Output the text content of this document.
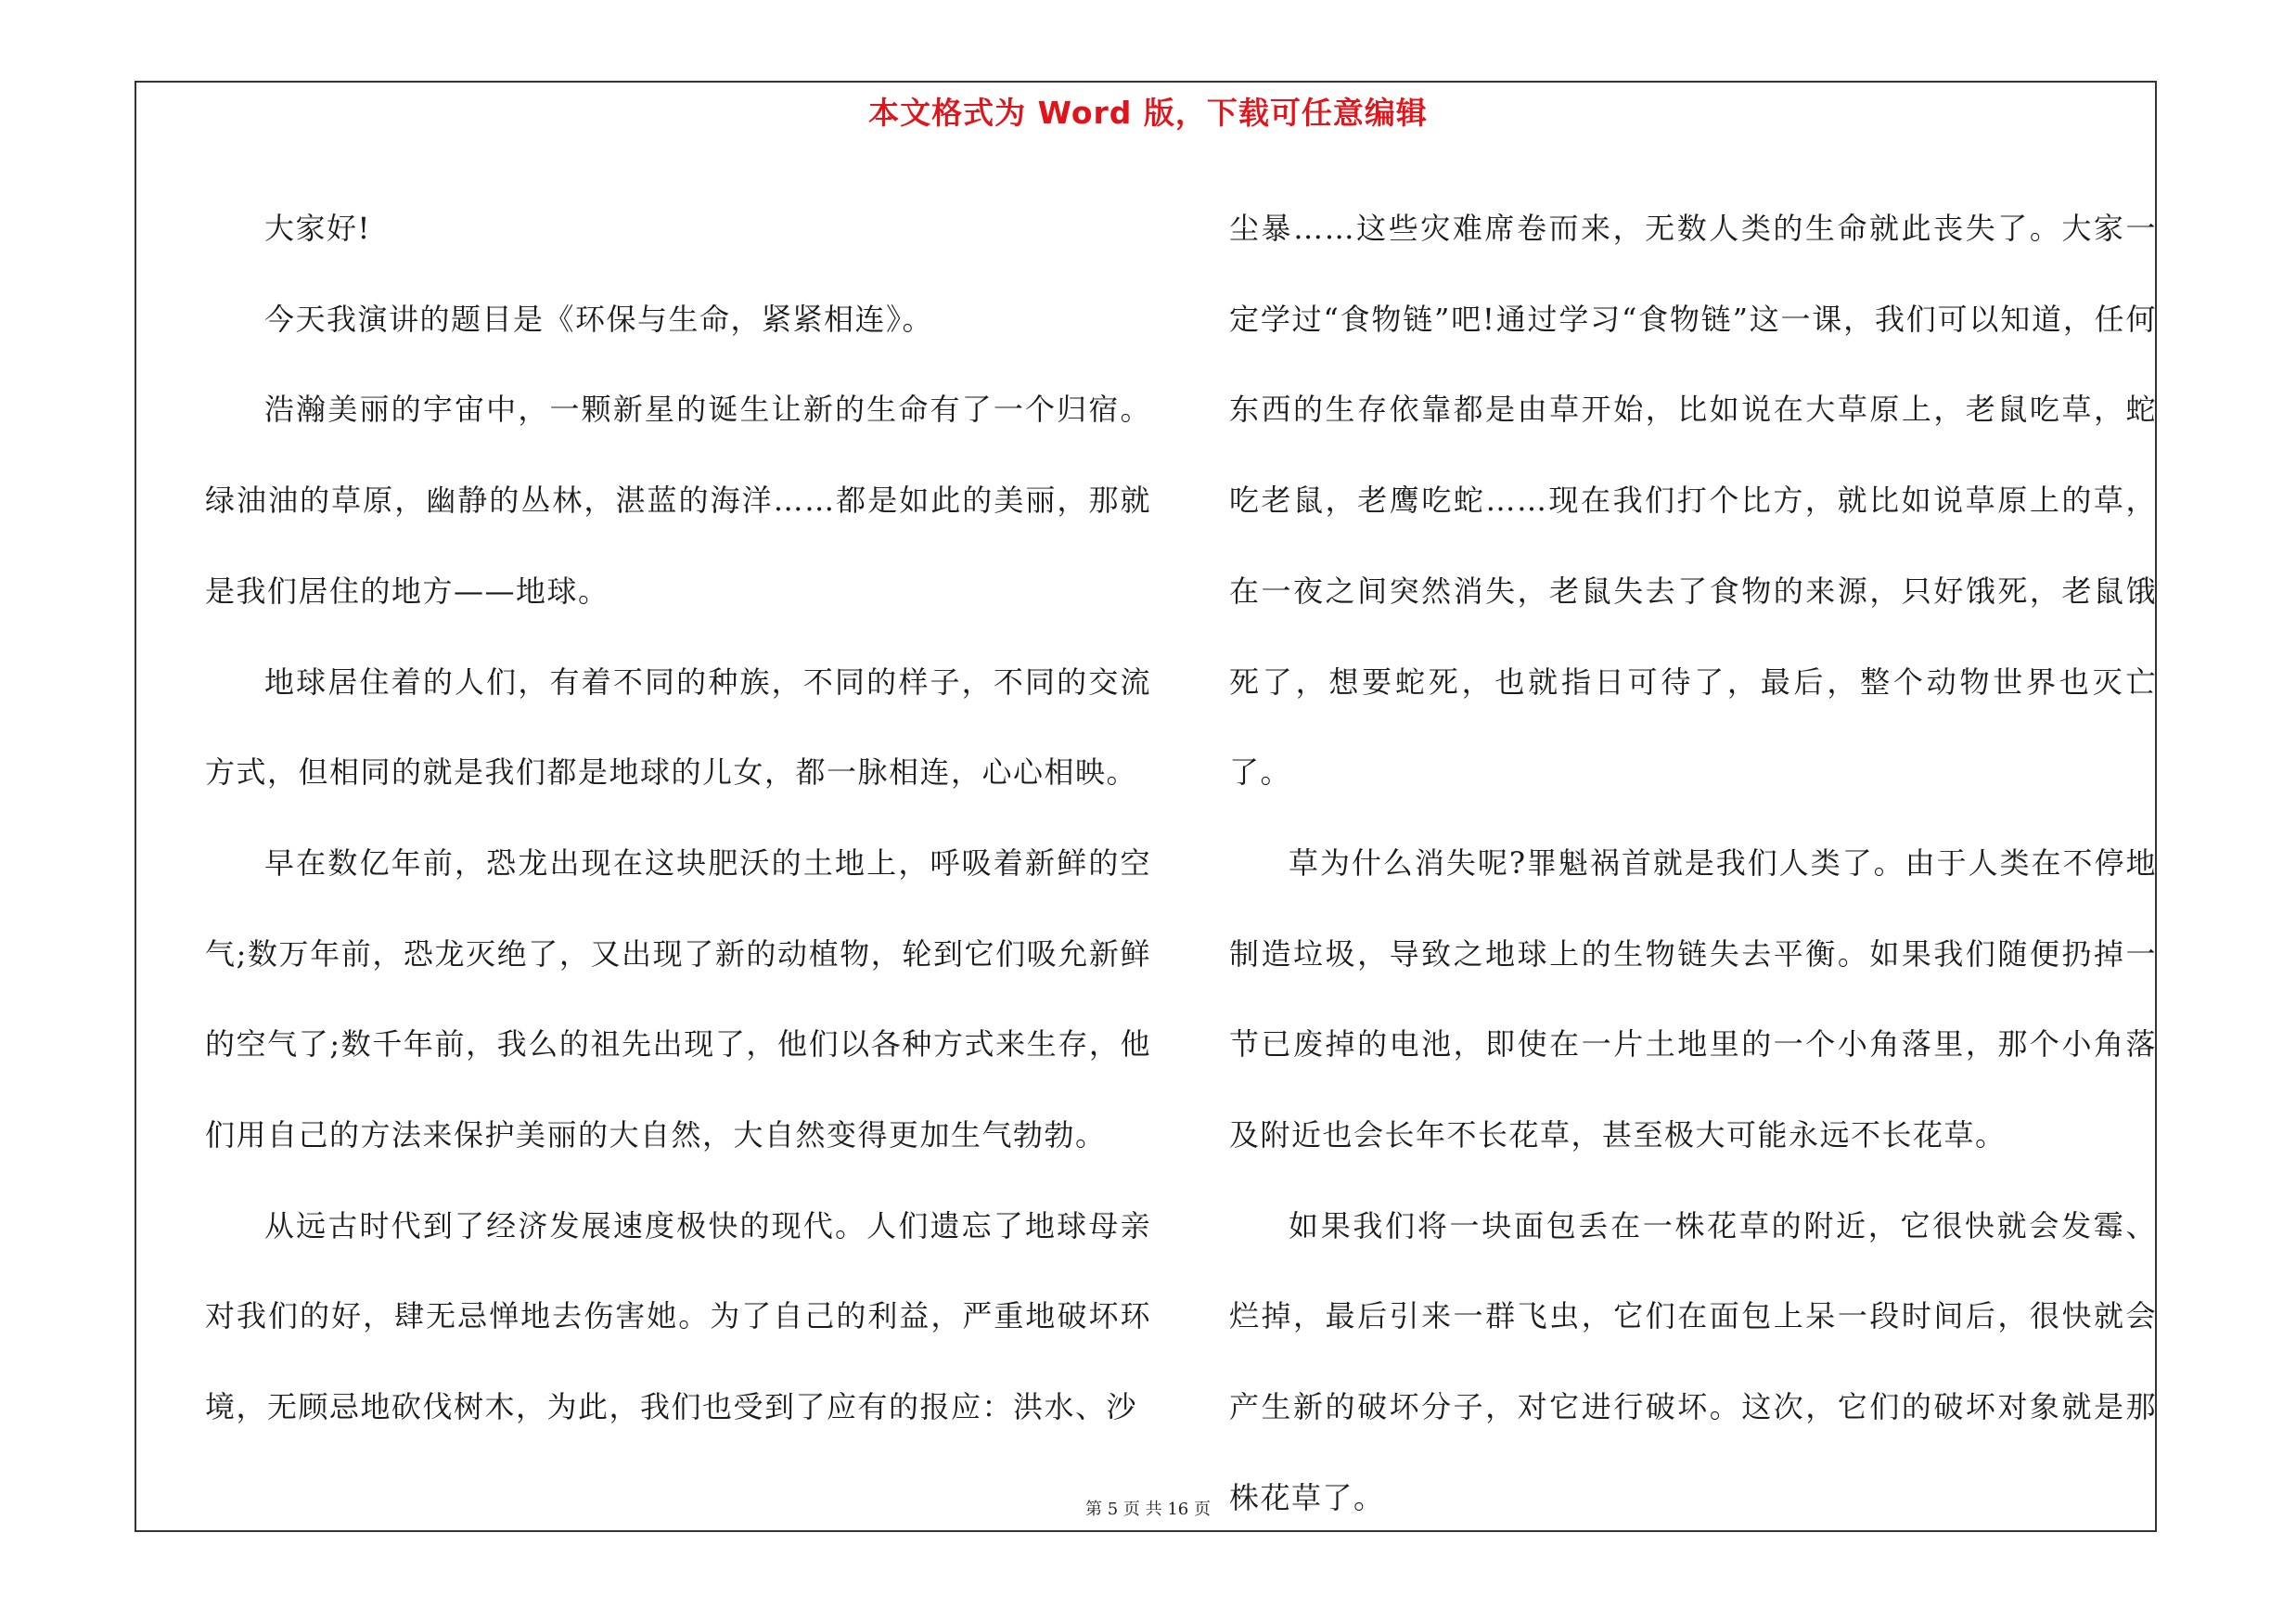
本文格式为 Word 版，下载可任意编辑

大家好!

今天我演讲的题目是《环保与生命，紧紧相连》。

浩瀚美丽的宇宙中，一颗新星的诞生让新的生命有了一个归宿。绿油油的草原，幽静的丛林，湛蓝的海洋……都是如此的美丽，那就是我们居住的地方——地球。

地球居住着的人们，有着不同的种族，不同的样子，不同的交流方式，但相同的就是我们都是地球的儿女，都一脉相连，心心相映。

早在数亿年前，恐龙出现在这块肥沃的土地上，呼吸着新鲜的空气;数万年前，恐龙灭绝了，又出现了新的动植物，轮到它们吸允新鲜的空气了;数千年前，我么的祖先出现了，他们以各种方式来生存，他们用自己的方法来保护美丽的大自然，大自然变得更加生气勃勃。

从远古时代到了经济发展速度极快的现代。人们遗忘了地球母亲对我们的好，肆无忌惮地去伤害她。为了自己的利益，严重地破坏环境，无顾忌地砍伐树木，为此，我们也受到了应有的报应：洪水、沙

尘暴……这些灾难席卷而来，无数人类的生命就此丧失了。大家一定学过“食物链”吧!通过学习“食物链”这一课，我们可以知道，任何东西的生存依靠都是由草开始，比如说在大草原上，老鼠吃草，蛇吃老鼠，老鹰吃蛇……现在我们打个比方，就比如说草原上的草，在一夜之间突然消失，老鼠失去了食物的来源，只好饿死，老鼠饿死了，想要蛇死，也就指日可待了，最后，整个动物世界也灭亡了。

草为什么消失呢?罪魁祸首就是我们人类了。由于人类在不停地制造垃圾，导致之地球上的生物链失去平衡。如果我们随便扔掉一节已废掉的电池，即使在一片土地里的一个小角落里，那个小角落及附近也会长年不长花草，甚至极大可能永远不长花草。

如果我们将一块面包丢在一株花草的附近，它很快就会发霉、烂掉，最后引来一群飞虫，它们在面包上呆一段时间后，很快就会产生新的破坏分子，对它进行破坏。这次，它们的破坏对象就是那株花草了。

第 5 页 共 16 页
